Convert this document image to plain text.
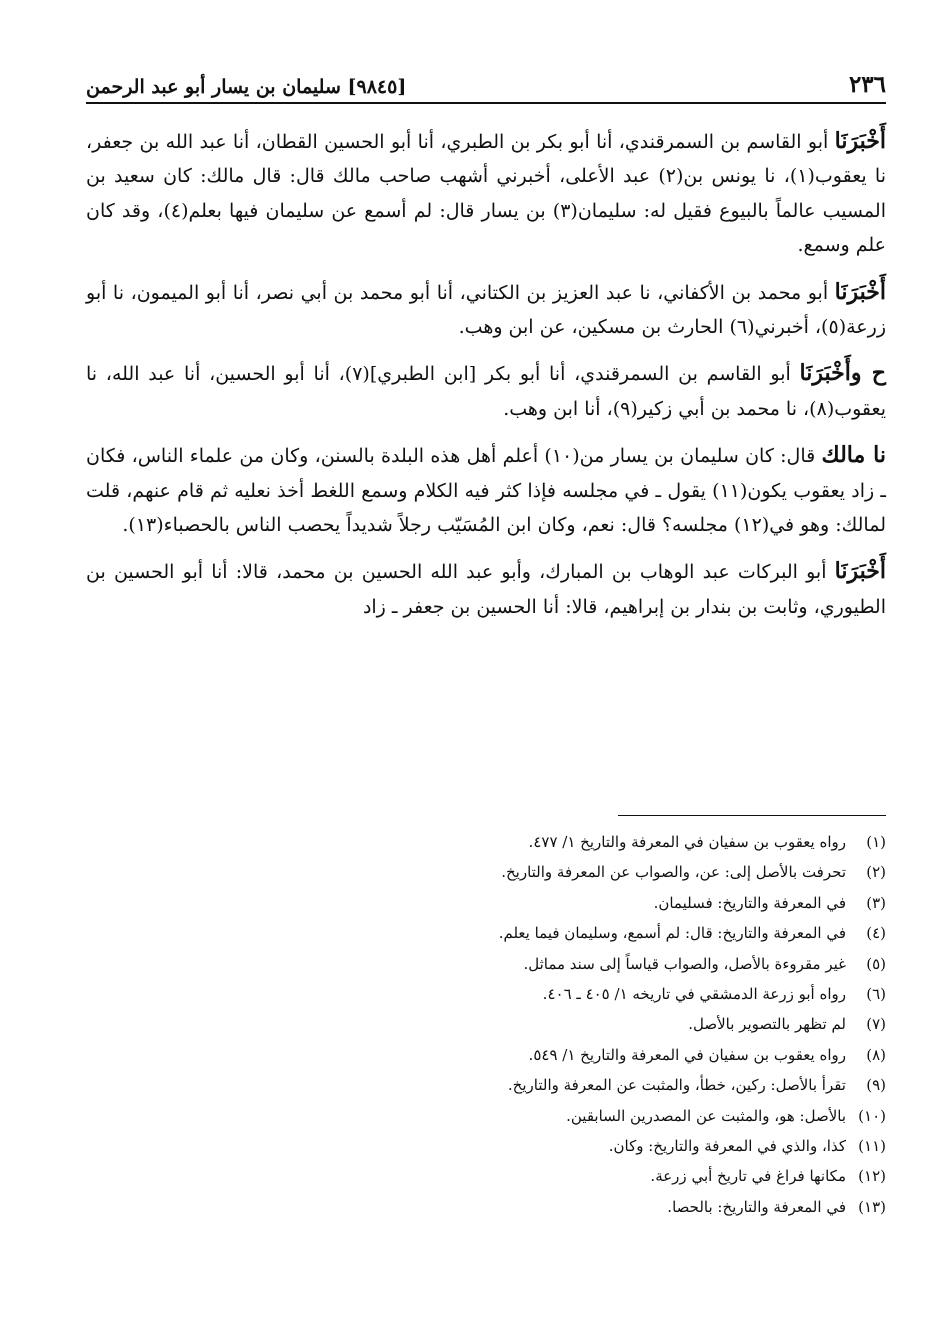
٢٣٦
[٩٨٤٥] سليمان بن يسار أبو عبد الرحمن

أَخْبَرَنَا أبو القاسم بن السمرقندي، أنا أبو بكر بن الطبري، أنا أبو الحسين القطان، أنا عبد الله بن جعفر، نا يعقوب(١)، نا يونس بن(٢) عبد الأعلى، أخبرني أشهب صاحب مالك قال: قال مالك: كان سعيد بن المسيب عالماً بالبيوع فقيل له: سليمان(٣) بن يسار قال: لم أسمع عن سليمان فيها بعلم(٤)، وقد كان علم وسمع.

أَخْبَرَنَا أبو محمد بن الأكفاني، نا عبد العزيز بن الكتاني، أنا أبو محمد بن أبي نصر، أنا أبو الميمون، نا أبو زرعة(٥)، أخبرني(٦) الحارث بن مسكين، عن ابن وهب.

ح وأَخْبَرَنَا أبو القاسم بن السمرقندي، أنا أبو بكر [ابن الطبري](٧)، أنا أبو الحسين، أنا عبد الله، نا يعقوب(٨)، نا محمد بن أبي زكير(٩)، أنا ابن وهب.

نا مالك قال: كان سليمان بن يسار من(١٠) أعلم أهل هذه البلدة بالسنن، وكان من علماء الناس، فكان ـ زاد يعقوب يكون(١١) يقول ـ في مجلسه فإذا كثر فيه الكلام وسمع اللغط أخذ نعليه ثم قام عنهم، قلت لمالك: وهو في(١٢) مجلسه؟ قال: نعم، وكان ابن المُسَيّب رجلاً شديداً يحصب الناس بالحصباء(١٣).

أَخْبَرَنَا أبو البركات عبد الوهاب بن المبارك، وأبو عبد الله الحسين بن محمد، قالا: أنا أبو الحسين بن الطيوري، وثابت بن بندار بن إبراهيم، قالا: أنا الحسين بن جعفر ـ زاد

(١)رواه يعقوب بن سفيان في المعرفة والتاريخ ١/ ٤٧٧.
(٢)تحرفت بالأصل إلى: عن، والصواب عن المعرفة والتاريخ.
(٣)في المعرفة والتاريخ: فسليمان.
(٤)في المعرفة والتاريخ: قال: لم أسمع، وسليمان فيما يعلم.
(٥)غير مقروءة بالأصل، والصواب قياساً إلى سند مماثل.
(٦)رواه أبو زرعة الدمشقي في تاريخه ١/ ٤٠٥ ـ ٤٠٦.
(٧)لم تظهر بالتصوير بالأصل.
(٨)رواه يعقوب بن سفيان في المعرفة والتاريخ ١/ ٥٤٩.
(٩)تقرأ بالأصل: ركين، خطأ، والمثبت عن المعرفة والتاريخ.
(١٠)بالأصل: هو، والمثبت عن المصدرين السابقين.
(١١)كذا، والذي في المعرفة والتاريخ: وكان.
(١٢)مكانها فراغ في تاريخ أبي زرعة.
(١٣)في المعرفة والتاريخ: بالحصا.
